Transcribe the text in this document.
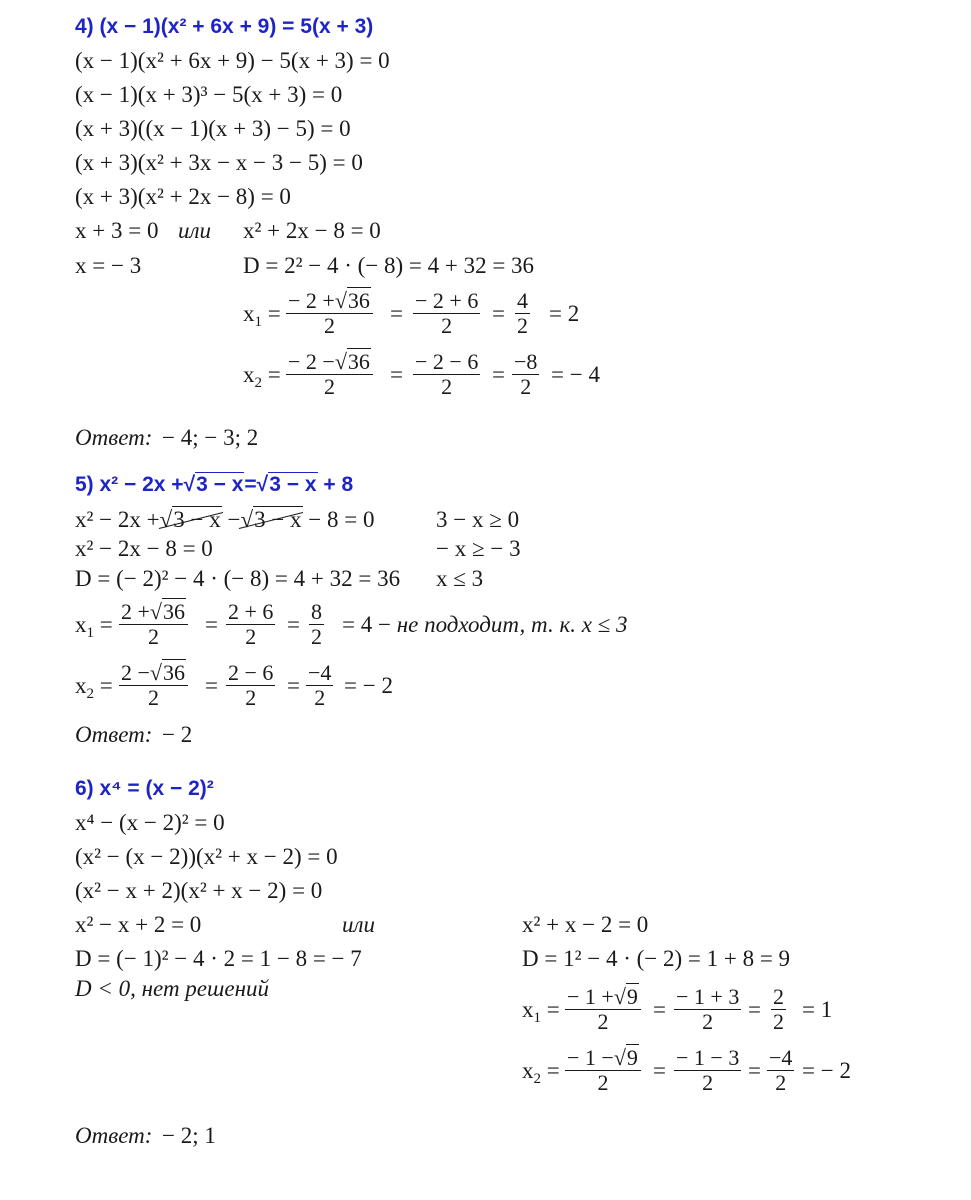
4) (x − 1)(x² + 6x + 9) = 5(x + 3)
(x − 1)(x² + 6x + 9) − 5(x + 3) = 0
(x − 1)(x + 3)³ − 5(x + 3) = 0
(x + 3)((x − 1)(x + 3) − 5) = 0
(x + 3)(x² + 3x − x − 3 − 5) = 0
(x + 3)(x² + 2x − 8) = 0
x + 3 = 0 или x² + 2x − 8 = 0
x = − 3	D = 2² − 4 · (− 8) = 4 + 32 = 36
$x_1 = \frac{- 2 +√36}{2} = \frac{- 2 + 6}{2} = \frac{4}{2} = 2$
$x_2 = \frac{- 2 -√36}{2} = \frac{- 2 - 6}{2} = \frac{-8}{2}$ = − 4
Ответ: − 4; − 3; 2
5) x² − 2x +√3 − x=√3 − x + 8
x² − 2x +√3 − x −√3 − x − 8 = 0
x² − 2x − 8 = 0
D = (− 2)² − 4 · (− 8) = 4 + 32 = 36
3 − x ≥ 0
− x ≥ − 3
x ≤ 3
$x_1 = \frac{2 +√36}{2} = \frac{2 + 6}{2} = \frac{8}{2} = 4$ − не подходит, т. к. x ≤ 3
$x_2 = \frac{2 -√36}{2} = \frac{2 - 6}{2} = \frac{-4}{2}$ = − 2
Ответ: − 2
6) x⁴ = (x − 2)²
x⁴ − (x − 2)² = 0
(x² − (x − 2))(x² + x − 2) = 0
(x² − x + 2)(x² + x − 2) = 0
x² − x + 2 = 0	или	x² + x − 2 = 0
D = (− 1)² − 4 · 2 = 1 − 8 = − 7
D < 0, нет решений
D = 1² − 4 · (− 2) = 1 + 8 = 9
$x_1 = \frac{- 1 +√9}{2} = \frac{- 1 + 3}{2} = \frac{2}{2} = 1$
$x_2 = \frac{- 1 -√9}{2} = \frac{- 1 - 3}{2} = \frac{-4}{2}$ = − 2
Ответ: − 2; 1
